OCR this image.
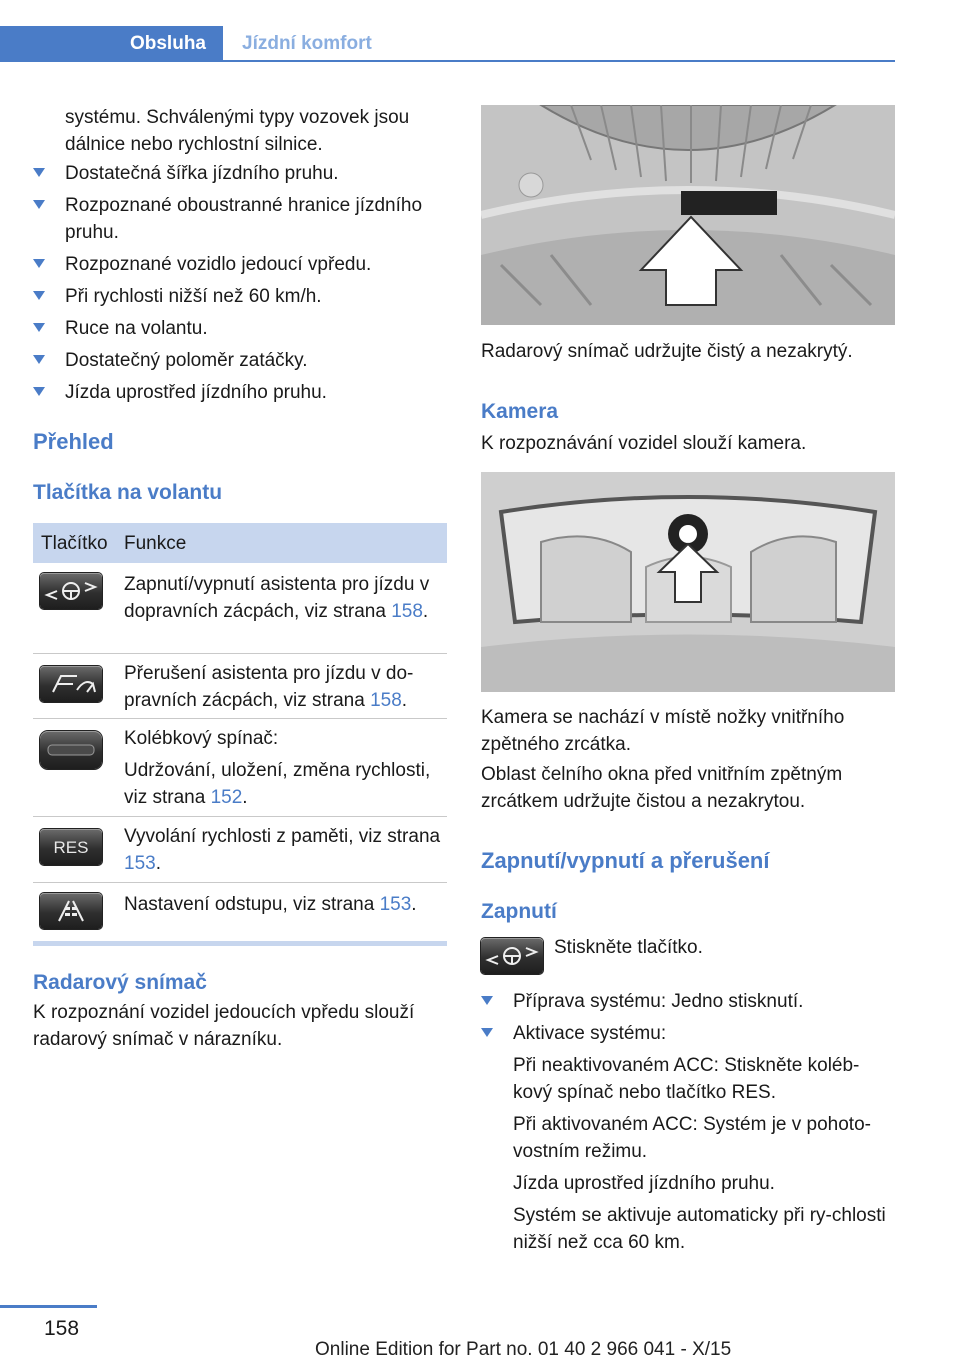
Obsluha	Jízdní komfort

systému. Schválenými typy vozovek jsou dálnice nebo rychlostní silnice.

Dostatečná šířka jízdního pruhu.
Rozpoznané oboustranné hranice jízdního pruhu.
Rozpoznané vozidlo jedoucí vpředu.
Při rychlosti nižší než 60 km/h.
Ruce na volantu.
Dostatečný poloměr zatáčky.
Jízda uprostřed jízdního pruhu.
Přehled
Tlačítka na volantu
Tlačítko Funkce
Zapnutí/vypnutí asistenta pro jízdu v dopravních zácpách, viz strana 158.
Přerušení asistenta pro jízdu v do-pravních zácpách, viz strana 158.
Kolébkový spínač:
Udržování, uložení, změna rychlosti, viz strana 152.
RES Vyvolání rychlosti z paměti, viz strana 153.
Nastavení odstupu, viz strana 153.
Radarový snímač
K rozpoznání vozidel jedoucích vpředu slouží radarový snímač v nárazníku.
Radarový snímač udržujte čistý a nezakrytý.
Kamera
K rozpoznávání vozidel slouží kamera.
Kamera se nachází v místě nožky vnitřního zpětného zrcátka.
Oblast čelního okna před vnitřním zpětným zrcátkem udržujte čistou a nezakrytou.
Zapnutí/vypnutí a přerušení
Zapnutí
Stiskněte tlačítko.
Příprava systému: Jedno stisknutí.
Aktivace systému:
Při neaktivovaném ACC: Stiskněte koléb-kový spínač nebo tlačítko RES.
Při aktivovaném ACC: Systém je v pohoto-vostním režimu.
Jízda uprostřed jízdního pruhu.
Systém se aktivuje automaticky při ry-chlosti nižší než cca 60 km.
158
Online Edition for Part no. 01 40 2 966 041 - X/15
